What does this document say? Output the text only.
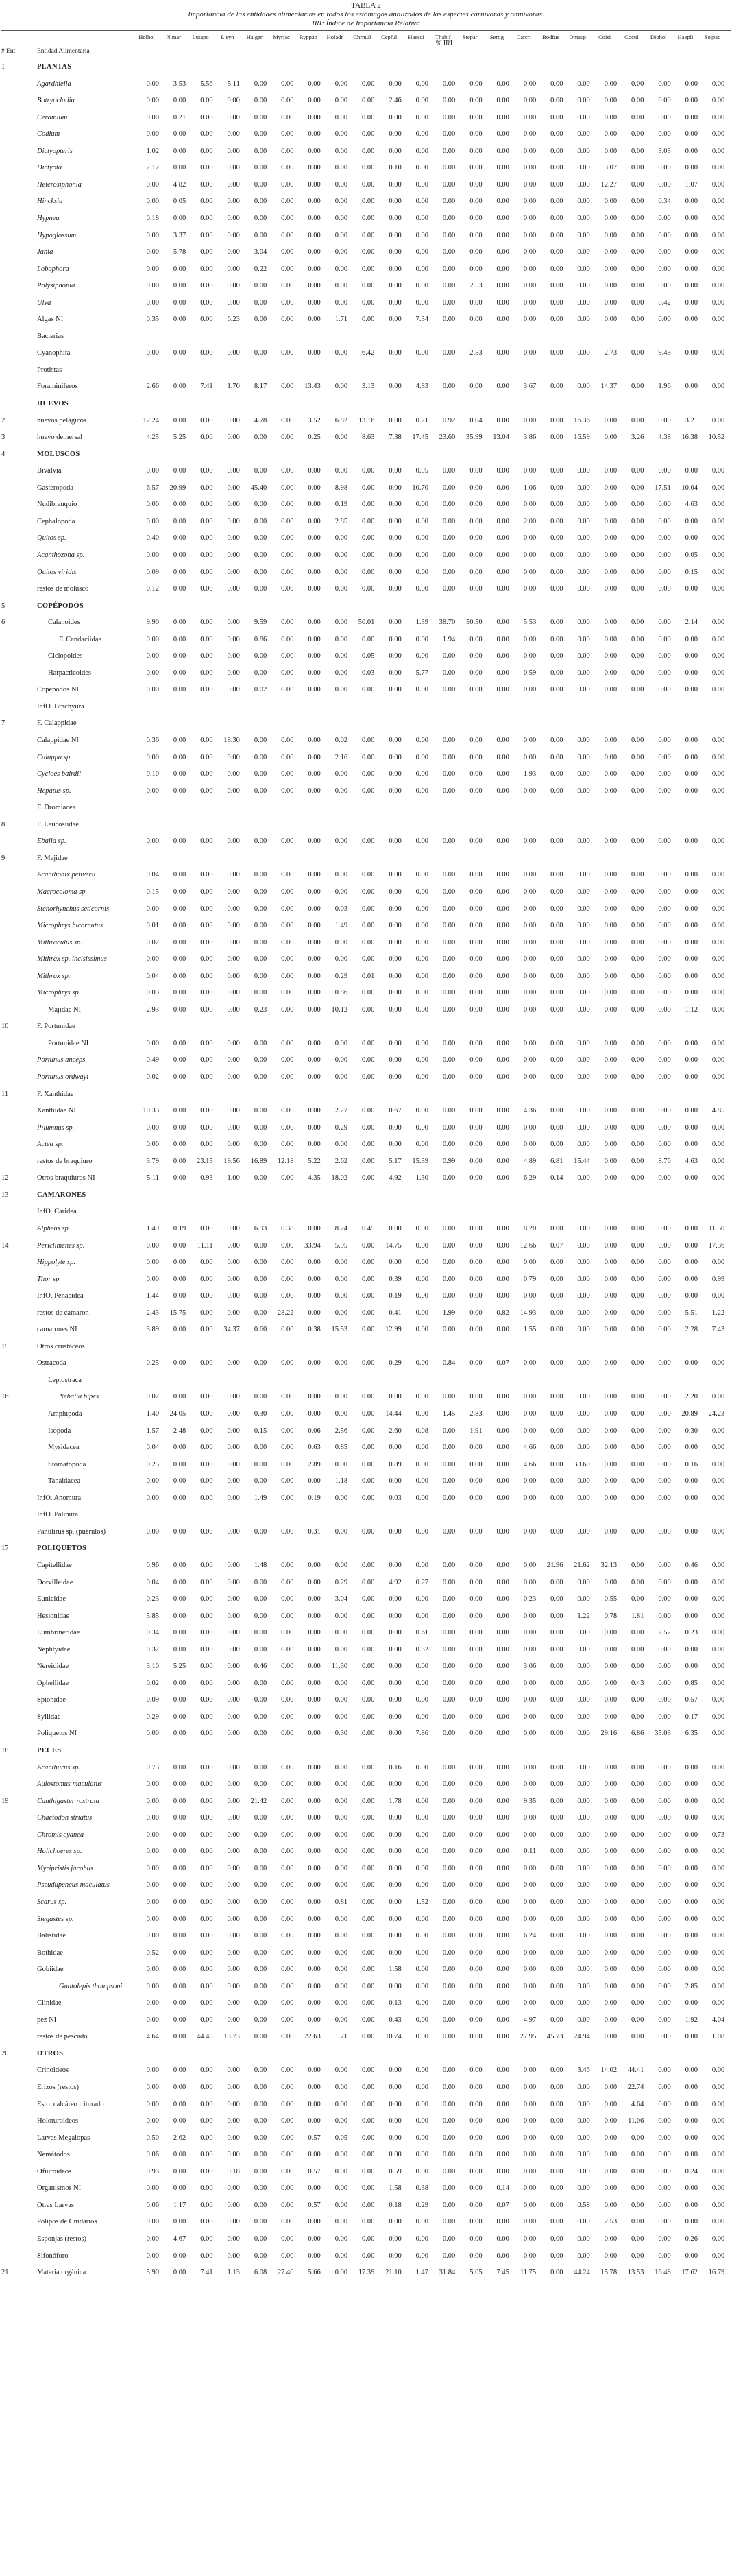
TABLA 2
Importancia de las entidades alimentarias en todos los estómagos analizados de las especies carnívoras y omnívoras.
IRI: Índice de Importancia Relativa
Holhol	N.mar	Lutapo	L.syn	Halgar	Myrjac	Ryppap	Holadn	Chrmul	Cepful	Haesci	Thabif	Stepar	Sertig	Carcri	Bodfus	Omacp	Coisi	Cocul	Diohol	Haepli	Sojpac
% IRI
# Ent.	Entidad Alimentaria
1	PLANTAS
Agardhiella	0.00	3.53	5.56	5.11	0.00	0.00	0.00	0.00	0.00	0.00	0.00	0.00	0.00	0.00	0.00	0.00	0.00	0.00	0.00	0.00	0.00	0.00
Botryocladia	0.00	0.00	0.00	0.00	0.00	0.00	0.00	0.00	0.00	2.46	0.00	0.00	0.00	0.00	0.00	0.00	0.00	0.00	0.00	0.00	0.00	0.00
Ceramium	0.00	0.21	0.00	0.00	0.00	0.00	0.00	0.00	0.00	0.00	0.00	0.00	0.00	0.00	0.00	0.00	0.00	0.00	0.00	0.00	0.00	0.00
Codium	0.00	0.00	0.00	0.00	0.00	0.00	0.00	0.00	0.00	0.00	0.00	0.00	0.00	0.00	0.00	0.00	0.00	0.00	0.00	0.00	0.00	0.00
Dictyopteris	1.02	0.00	0.00	0.00	0.00	0.00	0.00	0.00	0.00	0.00	0.00	0.00	0.00	0.00	0.00	0.00	0.00	0.00	0.00	3.03	0.00	0.00
Dictyota	2.12	0.00	0.00	0.00	0.00	0.00	0.00	0.00	0.00	0.10	0.00	0.00	0.00	0.00	0.00	0.00	0.00	3.07	0.00	0.00	0.00	0.00
Heterosiphonia	0.00	4.82	0.00	0.00	0.00	0.00	0.00	0.00	0.00	0.00	0.00	0.00	0.00	0.00	0.00	0.00	0.00	12.27	0.00	0.00	1.07	0.00
Hincksia	0.00	0.05	0.00	0.00	0.00	0.00	0.00	0.00	0.00	0.00	0.00	0.00	0.00	0.00	0.00	0.00	0.00	0.00	0.00	0.34	0.00	0.00
Hypnea	0.18	0.00	0.00	0.00	0.00	0.00	0.00	0.00	0.00	0.00	0.00	0.00	0.00	0.00	0.00	0.00	0.00	0.00	0.00	0.00	0.00	0.00
Hypoglossum	0.00	3.37	0.00	0.00	0.00	0.00	0.00	0.00	0.00	0.00	0.00	0.00	0.00	0.00	0.00	0.00	0.00	0.00	0.00	0.00	0.00	0.00
Jania	0.00	5.78	0.00	0.00	3.04	0.00	0.00	0.00	0.00	0.00	0.00	0.00	0.00	0.00	0.00	0.00	0.00	0.00	0.00	0.00	0.00	0.00
Lobophora	0.00	0.00	0.00	0.00	0.22	0.00	0.00	0.00	0.00	0.00	0.00	0.00	0.00	0.00	0.00	0.00	0.00	0.00	0.00	0.00	0.00	0.00
Polysiphonia	0.00	0.00	0.00	0.00	0.00	0.00	0.00	0.00	0.00	0.00	0.00	0.00	2.53	0.00	0.00	0.00	0.00	0.00	0.00	0.00	0.00	0.00
Ulva	0.00	0.00	0.00	0.00	0.00	0.00	0.00	0.00	0.00	0.00	0.00	0.00	0.00	0.00	0.00	0.00	0.00	0.00	0.00	8.42	0.00	0.00
Algas NI	0.35	0.00	0.00	6.23	0.00	0.00	0.00	1.71	0.00	0.00	7.34	0.00	0.00	0.00	0.00	0.00	0.00	0.00	0.00	0.00	0.00	0.00
Bacterias
Cyanophita	0.00	0.00	0.00	0.00	0.00	0.00	0.00	0.00	6.42	0.00	0.00	0.00	2.53	0.00	0.00	0.00	0.00	2.73	0.00	9.43	0.00	0.00
Protistas
Foraminiferos	2.66	0.00	7.41	1.70	8.17	0.00	13.43	0.00	3.13	0.00	4.83	0.00	0.00	0.00	3.67	0.00	0.00	14.37	0.00	1.96	0.00	0.00
HUEVOS
2	huevos pelágicos	12.24	0.00	0.00	0.00	4.78	0.00	3.52	6.82	13.16	0.00	0.21	0.92	0.04	0.00	0.00	0.00	16.36	0.00	0.00	0.00	3.21	0.00
3	huevo demersal	4.25	5.25	0.00	0.00	0.00	0.00	0.25	0.00	8.63	7.38	17.45	23.60	35.99	13.04	3.86	0.00	16.59	0.00	3.26	4.38	16.38	10.52
4	MOLUSCOS
Bivalvia	0.00	0.00	0.00	0.00	0.00	0.00	0.00	0.00	0.00	0.00	0.95	0.00	0.00	0.00	0.00	0.00	0.00	0.00	0.00	0.00	0.00	0.00
Gasteropoda	6.57	20.99	0.00	0.00	45.40	0.00	0.00	8.98	0.00	0.00	10.70	0.00	0.00	0.00	1.06	0.00	0.00	0.00	0.00	17.51	10.04	0.00
Nudibranquio	0.00	0.00	0.00	0.00	0.00	0.00	0.00	0.19	0.00	0.00	0.00	0.00	0.00	0.00	0.00	0.00	0.00	0.00	0.00	0.00	4.63	0.00
Cephalopoda	0.00	0.00	0.00	0.00	0.00	0.00	0.00	2.85	0.00	0.00	0.00	0.00	0.00	0.00	2.00	0.00	0.00	0.00	0.00	0.00	0.00	0.00
Quitos sp.	0.40	0.00	0.00	0.00	0.00	0.00	0.00	0.00	0.00	0.00	0.00	0.00	0.00	0.00	0.00	0.00	0.00	0.00	0.00	0.00	0.00	0.00
Acanthozona sp.	0.00	0.00	0.00	0.00	0.00	0.00	0.00	0.00	0.00	0.00	0.00	0.00	0.00	0.00	0.00	0.00	0.00	0.00	0.00	0.00	0.05	0.00
Quitos viridis	0.09	0.00	0.00	0.00	0.00	0.00	0.00	0.00	0.00	0.00	0.00	0.00	0.00	0.00	0.00	0.00	0.00	0.00	0.00	0.00	0.15	0.00
restos de molusco	0.12	0.00	0.00	0.00	0.00	0.00	0.00	0.00	0.00	0.00	0.00	0.00	0.00	0.00	0.00	0.00	0.00	0.00	0.00	0.00	0.00	0.00
5	COPÉPODOS
6	Calanoides	9.90	0.00	0.00	0.00	9.59	0.00	0.00	0.00	50.01	0.00	1.39	38.70	50.50	0.00	5.53	0.00	0.00	0.00	0.00	0.00	2.14	0.00
F. Candaciidae	0.00	0.00	0.00	0.00	0.86	0.00	0.00	0.00	0.00	0.00	0.00	1.94	0.00	0.00	0.00	0.00	0.00	0.00	0.00	0.00	0.00	0.00
Ciclopoides	0.00	0.00	0.00	0.00	0.00	0.00	0.00	0.00	0.05	0.00	0.00	0.00	0.00	0.00	0.00	0.00	0.00	0.00	0.00	0.00	0.00	0.00
Harpacticoides	0.00	0.00	0.00	0.00	0.00	0.00	0.00	0.00	0.03	0.00	5.77	0.00	0.00	0.00	0.59	0.00	0.00	0.00	0.00	0.00	0.00	0.00
Copépodos NI	0.00	0.00	0.00	0.00	0.02	0.00	0.00	0.00	0.00	0.00	0.00	0.00	0.00	0.00	0.00	0.00	0.00	0.00	0.00	0.00	0.00	0.00
InfO. Brachyura
7	F. Calappidae
Calappidae NI	0.36	0.00	0.00	18.30	0.00	0.00	0.00	0.02	0.00	0.00	0.00	0.00	0.00	0.00	0.00	0.00	0.00	0.00	0.00	0.00	0.00	0.00
Calappa sp.	0.00	0.00	0.00	0.00	0.00	0.00	0.00	2.16	0.00	0.00	0.00	0.00	0.00	0.00	0.00	0.00	0.00	0.00	0.00	0.00	0.00	0.00
Cycloes bairdii	0.10	0.00	0.00	0.00	0.00	0.00	0.00	0.00	0.00	0.00	0.00	0.00	0.00	0.00	1.93	0.00	0.00	0.00	0.00	0.00	0.00	0.00
Hepatus sp.	0.00	0.00	0.00	0.00	0.00	0.00	0.00	0.00	0.00	0.00	0.00	0.00	0.00	0.00	0.00	0.00	0.00	0.00	0.00	0.00	0.00	0.00
F. Dromiacea
8	F. Leucosiidae
Ebalia sp.	0.00	0.00	0.00	0.00	0.00	0.00	0.00	0.00	0.00	0.00	0.00	0.00	0.00	0.00	0.00	0.00	0.00	0.00	0.00	0.00	0.00	0.00
9	F. Majidae
Acanthonix petiverii	0.04	0.00	0.00	0.00	0.00	0.00	0.00	0.00	0.00	0.00	0.00	0.00	0.00	0.00	0.00	0.00	0.00	0.00	0.00	0.00	0.00	0.00
Macrocoloma sp.	0.15	0.00	0.00	0.00	0.00	0.00	0.00	0.00	0.00	0.00	0.00	0.00	0.00	0.00	0.00	0.00	0.00	0.00	0.00	0.00	0.00	0.00
Stenorhynchus seticornis	0.00	0.00	0.00	0.00	0.00	0.00	0.00	0.03	0.00	0.00	0.00	0.00	0.00	0.00	0.00	0.00	0.00	0.00	0.00	0.00	0.00	0.00
Microphrys bicornutus	0.01	0.00	0.00	0.00	0.00	0.00	0.00	1.49	0.00	0.00	0.00	0.00	0.00	0.00	0.00	0.00	0.00	0.00	0.00	0.00	0.00	0.00
Mithraculus sp.	0.02	0.00	0.00	0.00	0.00	0.00	0.00	0.00	0.00	0.00	0.00	0.00	0.00	0.00	0.00	0.00	0.00	0.00	0.00	0.00	0.00	0.00
Mithrax sp. incisissimus	0.00	0.00	0.00	0.00	0.00	0.00	0.00	0.00	0.00	0.00	0.00	0.00	0.00	0.00	0.00	0.00	0.00	0.00	0.00	0.00	0.00	0.00
Mithrax sp.	0.04	0.00	0.00	0.00	0.00	0.00	0.00	0.29	0.01	0.00	0.00	0.00	0.00	0.00	0.00	0.00	0.00	0.00	0.00	0.00	0.00	0.00
Microphrys sp.	0.03	0.00	0.00	0.00	0.00	0.00	0.00	0.86	0.00	0.00	0.00	0.00	0.00	0.00	0.00	0.00	0.00	0.00	0.00	0.00	0.00	0.00
Majidae NI	2.93	0.00	0.00	0.00	0.23	0.00	0.00	10.12	0.00	0.00	0.00	0.00	0.00	0.00	0.00	0.00	0.00	0.00	0.00	0.00	1.12	0.00
10	F. Portunidae
Portunidae NI	0.00	0.00	0.00	0.00	0.00	0.00	0.00	0.00	0.00	0.00	0.00	0.00	0.00	0.00	0.00	0.00	0.00	0.00	0.00	0.00	0.00	0.00
Portunus anceps	0.49	0.00	0.00	0.00	0.00	0.00	0.00	0.00	0.00	0.00	0.00	0.00	0.00	0.00	0.00	0.00	0.00	0.00	0.00	0.00	0.00	0.00
Portunus ordwayi	0.02	0.00	0.00	0.00	0.00	0.00	0.00	0.00	0.00	0.00	0.00	0.00	0.00	0.00	0.00	0.00	0.00	0.00	0.00	0.00	0.00	0.00
11	F. Xanthidae
Xanthidae NI	10.33	0.00	0.00	0.00	0.00	0.00	0.00	2.27	0.00	0.67	0.00	0.00	0.00	0.00	4.36	0.00	0.00	0.00	0.00	0.00	0.00	4.85
Pilumnus sp.	0.00	0.00	0.00	0.00	0.00	0.00	0.00	0.29	0.00	0.00	0.00	0.00	0.00	0.00	0.00	0.00	0.00	0.00	0.00	0.00	0.00	0.00
Actea sp.	0.00	0.00	0.00	0.00	0.00	0.00	0.00	0.00	0.00	0.00	0.00	0.00	0.00	0.00	0.00	0.00	0.00	0.00	0.00	0.00	0.00	0.00
restos de braquiuro	3.79	0.00	23.15	19.56	16.89	12.18	5.22	2.62	0.00	5.17	15.39	0.99	0.00	0.00	4.89	6.81	15.44	0.00	0.00	8.76	4.63	0.00
12	Otros braquiuros NI	5.11	0.00	0.93	1.00	0.00	0.00	4.35	18.02	0.00	4.92	1.30	0.00	0.00	0.00	6.29	0.14	0.00	0.00	0.00	0.00	0.00	0.00
13	CAMARONES
InfO. Caridea
Alpheus sp.	1.49	0.19	0.00	0.00	6.93	0.38	0.00	8.24	0.45	0.00	0.00	0.00	0.00	0.00	8.20	0.00	0.00	0.00	0.00	0.00	0.00	11.50
14	Periclimenes sp.	0.00	0.00	11.11	0.00	0.00	0.00	33.94	5.95	0.00	14.75	0.00	0.00	0.00	0.00	12.66	0.07	0.00	0.00	0.00	0.00	0.00	17.36
Hippolyte sp.	0.00	0.00	0.00	0.00	0.00	0.00	0.00	0.00	0.00	0.00	0.00	0.00	0.00	0.00	0.00	0.00	0.00	0.00	0.00	0.00	0.00	0.00
Thor sp.	0.00	0.00	0.00	0.00	0.00	0.00	0.00	0.00	0.00	0.39	0.00	0.00	0.00	0.00	0.79	0.00	0.00	0.00	0.00	0.00	0.00	0.99
InfO. Penaeidea	1.44	0.00	0.00	0.00	0.00	0.00	0.00	0.00	0.00	0.19	0.00	0.00	0.00	0.00	0.00	0.00	0.00	0.00	0.00	0.00	0.00	0.00
restos de camaron	2.43	15.75	0.00	0.00	0.00	28.22	0.00	0.00	0.00	0.41	0.00	1.99	0.00	0.82	14.93	0.00	0.00	0.00	0.00	0.00	5.51	1.22
camarones NI	3.89	0.00	0.00	34.37	0.60	0.00	0.38	15.53	0.00	12.99	0.00	0.00	0.00	0.00	1.55	0.00	0.00	0.00	0.00	0.00	2.28	7.43
15	Otros crustáceos
Ostracoda	0.25	0.00	0.00	0.00	0.00	0.00	0.00	0.00	0.00	0.29	0.00	0.84	0.00	0.07	0.00	0.00	0.00	0.00	0.00	0.00	0.00	0.00
Leptostraca
16	Nebalia bipes	0.02	0.00	0.00	0.00	0.00	0.00	0.00	0.00	0.00	0.00	0.00	0.00	0.00	0.00	0.00	0.00	0.00	0.00	0.00	0.00	2.20	0.00
Amphipoda	1.40	24.05	0.00	0.00	0.30	0.00	0.00	0.00	0.00	14.44	0.00	1.45	2.83	0.00	0.00	0.00	0.00	0.00	0.00	0.00	20.89	24.23
Isopoda	1.57	2.48	0.00	0.00	0.15	0.00	0.06	2.56	0.00	2.60	0.08	0.00	1.91	0.00	0.00	0.00	0.00	0.00	0.00	0.00	0.30	0.00
Mysidacea	0.04	0.00	0.00	0.00	0.00	0.00	0.63	0.85	0.00	0.00	0.00	0.00	0.00	0.00	4.66	0.00	0.00	0.00	0.00	0.00	0.00	0.00
Stomatopoda	0.25	0.00	0.00	0.00	0.00	0.00	2.89	0.00	0.00	0.89	0.00	0.00	0.00	0.00	4.66	0.00	38.60	0.00	0.00	0.00	0.16	0.00
Tanaidacea	0.00	0.00	0.00	0.00	0.00	0.00	0.00	1.18	0.00	0.00	0.00	0.00	0.00	0.00	0.00	0.00	0.00	0.00	0.00	0.00	0.00	0.00
InfO. Anomura	0.00	0.00	0.00	0.00	1.49	0.00	0.19	0.00	0.00	0.03	0.00	0.00	0.00	0.00	0.00	0.00	0.00	0.00	0.00	0.00	0.00	0.00
InfO. Palinura
Panulirus sp. (puérulos)	0.00	0.00	0.00	0.00	0.00	0.00	0.31	0.00	0.00	0.00	0.00	0.00	0.00	0.00	0.00	0.00	0.00	0.00	0.00	0.00	0.00	0.00
17	POLIQUETOS
Capitellidae	0.96	0.00	0.00	0.00	1.48	0.00	0.00	0.00	0.00	0.00	0.00	0.00	0.00	0.00	0.00	21.96	21.62	32.13	0.00	0.00	0.46	0.00
Dorvilleidae	0.04	0.00	0.00	0.00	0.00	0.00	0.00	0.29	0.00	4.92	0.27	0.00	0.00	0.00	0.00	0.00	0.00	0.00	0.00	0.00	0.00	0.00
Eunicidae	0.23	0.00	0.00	0.00	0.00	0.00	0.00	3.04	0.00	0.00	0.00	0.00	0.00	0.00	0.23	0.00	0.00	0.55	0.00	0.00	0.00	0.00
Hesionidae	5.85	0.00	0.00	0.00	0.00	0.00	0.00	0.00	0.00	0.00	0.00	0.00	0.00	0.00	0.00	0.00	1.22	0.78	1.81	0.00	0.00	0.00
Lumbrineridae	0.34	0.00	0.00	0.00	0.00	0.00	0.00	0.00	0.00	0.00	0.61	0.00	0.00	0.00	0.00	0.00	0.00	0.00	0.00	2.52	0.23	0.00
Nephtyidae	0.32	0.00	0.00	0.00	0.00	0.00	0.00	0.00	0.00	0.00	0.32	0.00	0.00	0.00	0.00	0.00	0.00	0.00	0.00	0.00	0.00	0.00
Nereididae	3.10	5.25	0.00	0.00	0.46	0.00	0.00	11.30	0.00	0.00	0.00	0.00	0.00	0.00	3.06	0.00	0.00	0.00	0.00	0.00	0.00	0.00
Ophellidae	0.02	0.00	0.00	0.00	0.00	0.00	0.00	0.00	0.00	0.00	0.00	0.00	0.00	0.00	0.00	0.00	0.00	0.00	0.43	0.00	0.85	0.00
Spionidae	0.09	0.00	0.00	0.00	0.00	0.00	0.00	0.00	0.00	0.00	0.00	0.00	0.00	0.00	0.00	0.00	0.00	0.00	0.00	0.00	0.57	0.00
Syllidae	0.29	0.00	0.00	0.00	0.00	0.00	0.00	0.00	0.00	0.00	0.00	0.00	0.00	0.00	0.00	0.00	0.00	0.00	0.00	0.00	0.17	0.00
Poliquetos NI	0.00	0.00	0.00	0.00	0.00	0.00	0.00	0.30	0.00	0.00	7.86	0.00	0.00	0.00	0.00	0.00	0.00	29.16	6.86	35.03	6.35	0.00
18	PECES
Acanthurus sp.	0.73	0.00	0.00	0.00	0.00	0.00	0.00	0.00	0.00	0.16	0.00	0.00	0.00	0.00	0.00	0.00	0.00	0.00	0.00	0.00	0.00	0.00
Aulostomus maculatus	0.00	0.00	0.00	0.00	0.00	0.00	0.00	0.00	0.00	0.00	0.00	0.00	0.00	0.00	0.00	0.00	0.00	0.00	0.00	0.00	0.00	0.00
19	Canthigaster rostrata	0.00	0.00	0.00	0.00	21.42	0.00	0.00	0.00	0.00	1.78	0.00	0.00	0.00	0.00	9.35	0.00	0.00	0.00	0.00	0.00	0.00	0.00
Chaetodon striatus	0.00	0.00	0.00	0.00	0.00	0.00	0.00	0.00	0.00	0.00	0.00	0.00	0.00	0.00	0.00	0.00	0.00	0.00	0.00	0.00	0.00	0.00
Chromis cyanea	0.00	0.00	0.00	0.00	0.00	0.00	0.00	0.00	0.00	0.00	0.00	0.00	0.00	0.00	0.00	0.00	0.00	0.00	0.00	0.00	0.00	0.73
Halichoeres sp.	0.00	0.00	0.00	0.00	0.00	0.00	0.00	0.00	0.00	0.00	0.00	0.00	0.00	0.00	0.11	0.00	0.00	0.00	0.00	0.00	0.00	0.00
Myripristis jacobus	0.00	0.00	0.00	0.00	0.00	0.00	0.00	0.00	0.00	0.00	0.00	0.00	0.00	0.00	0.00	0.00	0.00	0.00	0.00	0.00	0.00	0.00
Pseudupeneus maculatus	0.00	0.00	0.00	0.00	0.00	0.00	0.00	0.00	0.00	0.00	0.00	0.00	0.00	0.00	0.00	0.00	0.00	0.00	0.00	0.00	0.00	0.00
Scarus sp.	0.00	0.00	0.00	0.00	0.00	0.00	0.00	0.81	0.00	0.00	1.52	0.00	0.00	0.00	0.00	0.00	0.00	0.00	0.00	0.00	0.00	0.00
Stegastes sp.	0.00	0.00	0.00	0.00	0.00	0.00	0.00	0.00	0.00	0.00	0.00	0.00	0.00	0.00	0.00	0.00	0.00	0.00	0.00	0.00	0.00	0.00
Balistidae	0.00	0.00	0.00	0.00	0.00	0.00	0.00	0.00	0.00	0.00	0.00	0.00	0.00	0.00	6.24	0.00	0.00	0.00	0.00	0.00	0.00	0.00
Bothidae	0.52	0.00	0.00	0.00	0.00	0.00	0.00	0.00	0.00	0.00	0.00	0.00	0.00	0.00	0.00	0.00	0.00	0.00	0.00	0.00	0.00	0.00
Gobiidae	0.00	0.00	0.00	0.00	0.00	0.00	0.00	0.00	0.00	1.58	0.00	0.00	0.00	0.00	0.00	0.00	0.00	0.00	0.00	0.00	0.00	0.00
Gnatolepis thompsoni	0.00	0.00	0.00	0.00	0.00	0.00	0.00	0.00	0.00	0.00	0.00	0.00	0.00	0.00	0.00	0.00	0.00	0.00	0.00	0.00	2.85	0.00
Clinidae	0.00	0.00	0.00	0.00	0.00	0.00	0.00	0.00	0.00	0.13	0.00	0.00	0.00	0.00	0.00	0.00	0.00	0.00	0.00	0.00	0.00	0.00
pez NI	0.00	0.00	0.00	0.00	0.00	0.00	0.00	0.00	0.00	0.43	0.00	0.00	0.00	0.00	4.97	0.00	0.00	0.00	0.00	0.00	1.92	4.04
restos de pescado	4.64	0.00	44.45	13.73	0.00	0.00	22.63	1.71	0.00	10.74	0.00	0.00	0.00	0.00	27.95	45.73	24.94	0.00	0.00	0.00	0.00	1.08
20	OTROS
Crinoideos	0.00	0.00	0.00	0.00	0.00	0.00	0.00	0.00	0.00	0.00	0.00	0.00	0.00	0.00	0.00	0.00	3.46	14.02	44.41	0.00	0.00	0.00
Erizos (restos)	0.00	0.00	0.00	0.00	0.00	0.00	0.00	0.00	0.00	0.00	0.00	0.00	0.00	0.00	0.00	0.00	0.00	0.00	22.74	0.00	0.00	0.00
Esto. calcáreo triturado	0.00	0.00	0.00	0.00	0.00	0.00	0.00	0.00	0.00	0.00	0.00	0.00	0.00	0.00	0.00	0.00	0.00	0.00	4.64	0.00	0.00	0.00
Holoturoideos	0.00	0.00	0.00	0.00	0.00	0.00	0.00	0.00	0.00	0.00	0.00	0.00	0.00	0.00	0.00	0.00	0.00	0.00	11.06	0.00	0.00	0.00
Larvas Megalopas	0.50	2.62	0.00	0.00	0.00	0.00	0.57	0.05	0.00	0.00	0.00	0.00	0.00	0.00	0.00	0.00	0.00	0.00	0.00	0.00	0.00	0.00
Nemátodos	0.06	0.00	0.00	0.00	0.00	0.00	0.00	0.00	0.00	0.00	0.00	0.00	0.00	0.00	0.00	0.00	0.00	0.00	0.00	0.00	0.00	0.00
Ofiuroideos	0.93	0.00	0.00	0.18	0.00	0.00	0.57	0.00	0.00	0.59	0.00	0.00	0.00	0.00	0.00	0.00	0.00	0.00	0.00	0.00	0.24	0.00
Organismos NI	0.00	0.00	0.00	0.00	0.00	0.00	0.00	0.00	0.00	1.58	0.38	0.00	0.00	0.14	0.00	0.00	0.00	0.00	0.00	0.00	0.00	0.00
Otras Larvas	0.06	1.17	0.00	0.00	0.00	0.00	0.57	0.00	0.00	0.18	0.29	0.00	0.00	0.07	0.00	0.00	0.58	0.00	0.00	0.00	0.00	0.00
Pólipos de Cnidarios	0.00	0.00	0.00	0.00	0.00	0.00	0.00	0.00	0.00	0.00	0.00	0.00	0.00	0.00	0.00	0.00	0.00	2.53	0.00	0.00	0.00	0.00
Esponjas (restos)	0.00	4.67	0.00	0.00	0.00	0.00	0.00	0.00	0.00	0.00	0.00	0.00	0.00	0.00	0.00	0.00	0.00	0.00	0.00	0.00	0.26	0.00
Sifonóforo	0.00	0.00	0.00	0.00	0.00	0.00	0.00	0.00	0.00	0.00	0.00	0.00	0.00	0.00	0.00	0.00	0.00	0.00	0.00	0.00	0.00	0.00
21	Materia orgánica	5.90	0.00	7.41	1.13	6.08	27.40	5.66	0.00	17.39	21.10	1.47	31.84	5.05	7.45	11.75	0.00	44.24	15.78	13.53	16.48	17.62	16.79
